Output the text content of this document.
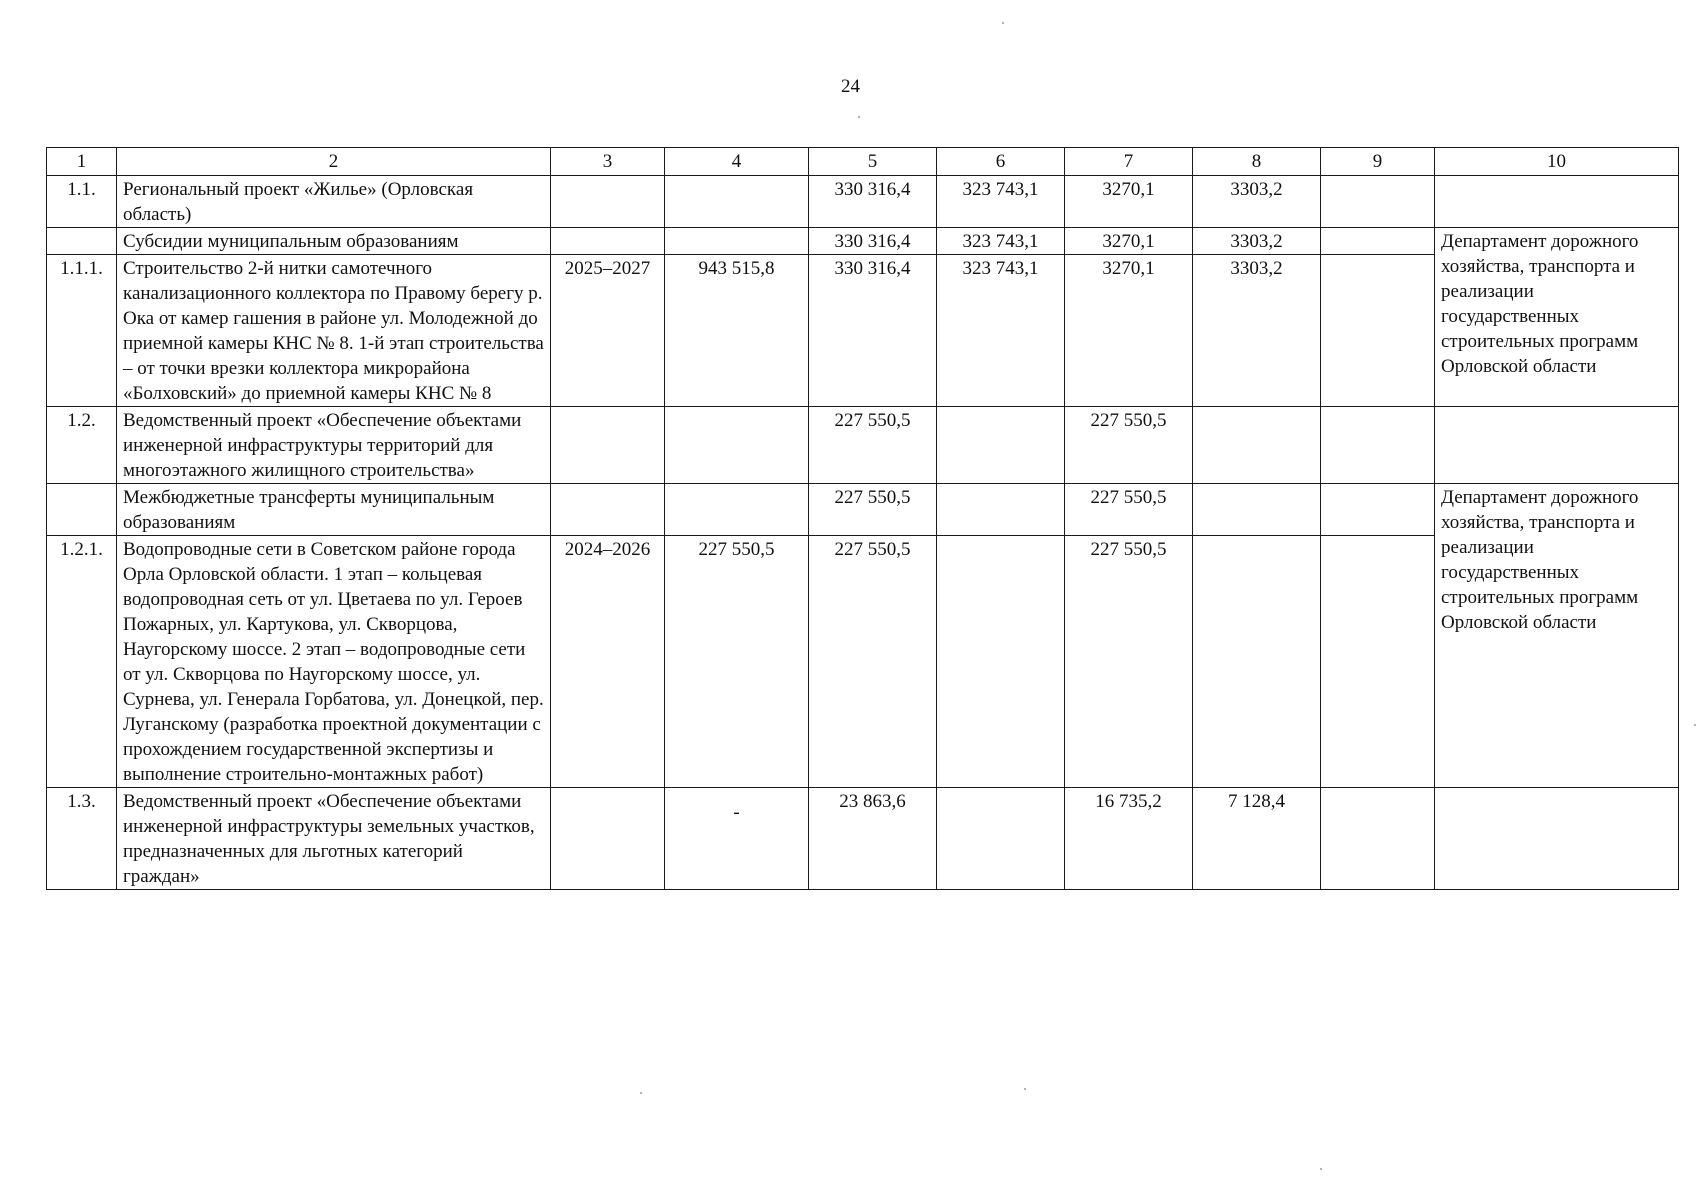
24
1	2	3	4	5	6	7	8	9	10
1.1.	Региональный проект «Жилье» (Орловская область)			330 316,4	323 743,1	3270,1	3303,2		
	Субсидии муниципальным образованиям			330 316,4	323 743,1	3270,1	3303,2		Департамент дорожного хозяйства, транспорта и реализации государственных строительных программ Орловской области
1.1.1.	Строительство 2-й нитки самотечного канализационного коллектора по Правому берегу р. Ока от камер гашения в районе ул. Молодежной до приемной камеры КНС № 8. 1-й этап строительства – от точки врезки коллектора микрорайона «Болховский» до приемной камеры КНС № 8	2025–2027	943 515,8	330 316,4	323 743,1	3270,1	3303,2		
1.2.	Ведомственный проект «Обеспечение объектами инженерной инфраструктуры территорий для многоэтажного жилищного строительства»			227 550,5		227 550,5			
	Межбюджетные трансферты муниципальным образованиям			227 550,5		227 550,5			Департамент дорожного хозяйства, транспорта и реализации государственных строительных программ Орловской области
1.2.1.	Водопроводные сети в Советском районе города Орла Орловской области. 1 этап – кольцевая водопроводная сеть от ул. Цветаева по ул. Героев Пожарных, ул. Картукова, ул. Скворцова, Наугорскому шоссе. 2 этап – водопроводные сети от ул. Скворцова по Наугорскому шоссе, ул. Сурнева, ул. Генерала Горбатова, ул. Донецкой, пер. Луганскому (разработка проектной документации с прохождением государственной экспертизы и выполнение строительно-монтажных работ)	2024–2026	227 550,5	227 550,5		227 550,5			
1.3.	Ведомственный проект «Обеспечение объектами инженерной инфраструктуры земельных участков, предназначенных для льготных категорий граждан»		-	23 863,6		16 735,2	7 128,4		
